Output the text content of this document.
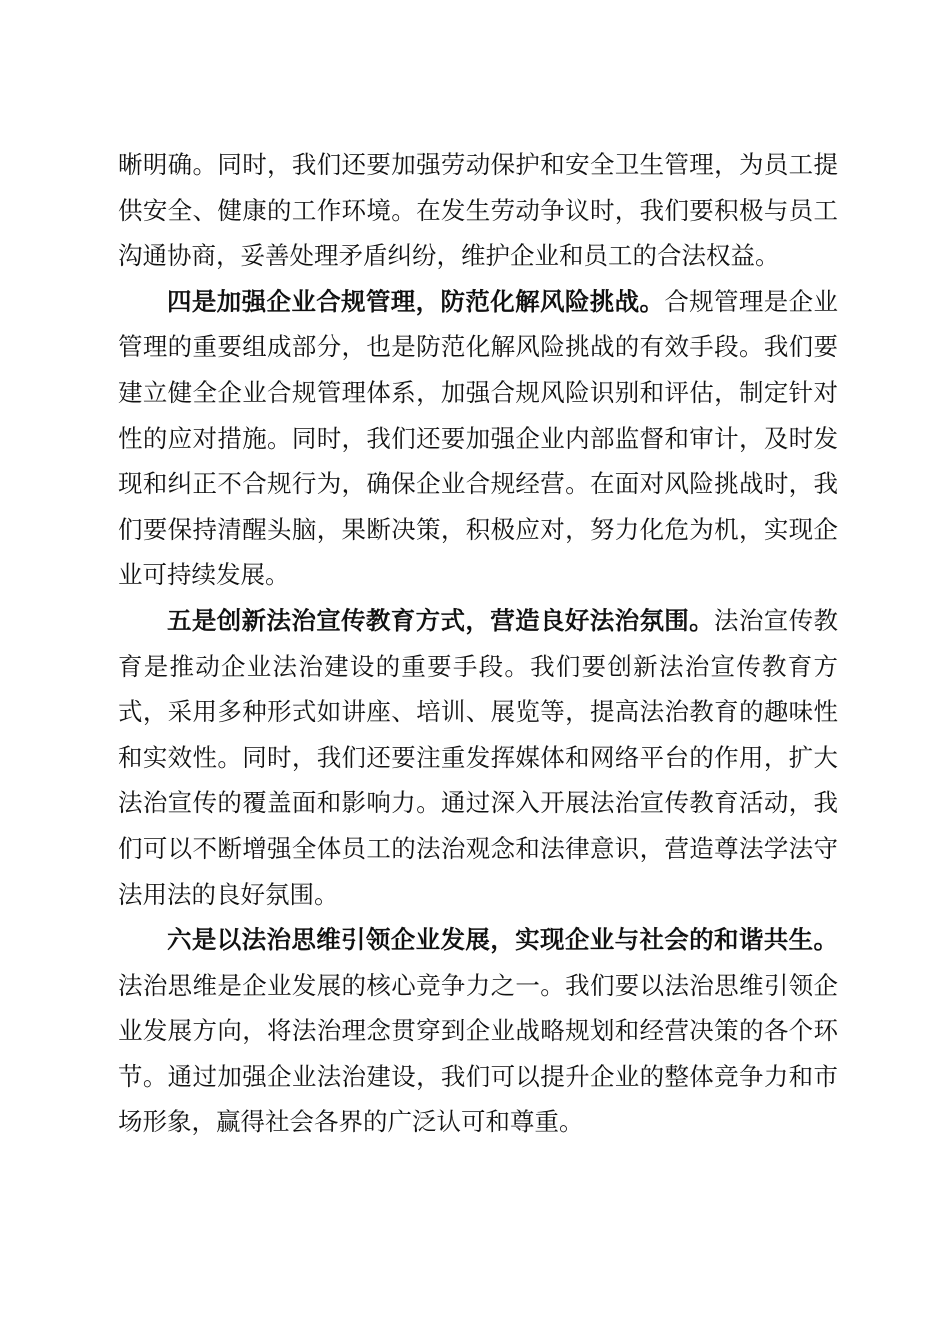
晰明确。同时，我们还要加强劳动保护和安全卫生管理，为员工提供安全、健康的工作环境。在发生劳动争议时，我们要积极与员工沟通协商，妥善处理矛盾纠纷，维护企业和员工的合法权益。

四是加强企业合规管理，防范化解风险挑战。合规管理是企业管理的重要组成部分，也是防范化解风险挑战的有效手段。我们要建立健全企业合规管理体系，加强合规风险识别和评估，制定针对性的应对措施。同时，我们还要加强企业内部监督和审计，及时发现和纠正不合规行为，确保企业合规经营。在面对风险挑战时，我们要保持清醒头脑，果断决策，积极应对，努力化危为机，实现企业可持续发展。

五是创新法治宣传教育方式，营造良好法治氛围。法治宣传教育是推动企业法治建设的重要手段。我们要创新法治宣传教育方式，采用多种形式如讲座、培训、展览等，提高法治教育的趣味性和实效性。同时，我们还要注重发挥媒体和网络平台的作用，扩大法治宣传的覆盖面和影响力。通过深入开展法治宣传教育活动，我们可以不断增强全体员工的法治观念和法律意识，营造尊法学法守法用法的良好氛围。

六是以法治思维引领企业发展，实现企业与社会的和谐共生。法治思维是企业发展的核心竞争力之一。我们要以法治思维引领企业发展方向，将法治理念贯穿到企业战略规划和经营决策的各个环节。通过加强企业法治建设，我们可以提升企业的整体竞争力和市场形象，赢得社会各界的广泛认可和尊重。
